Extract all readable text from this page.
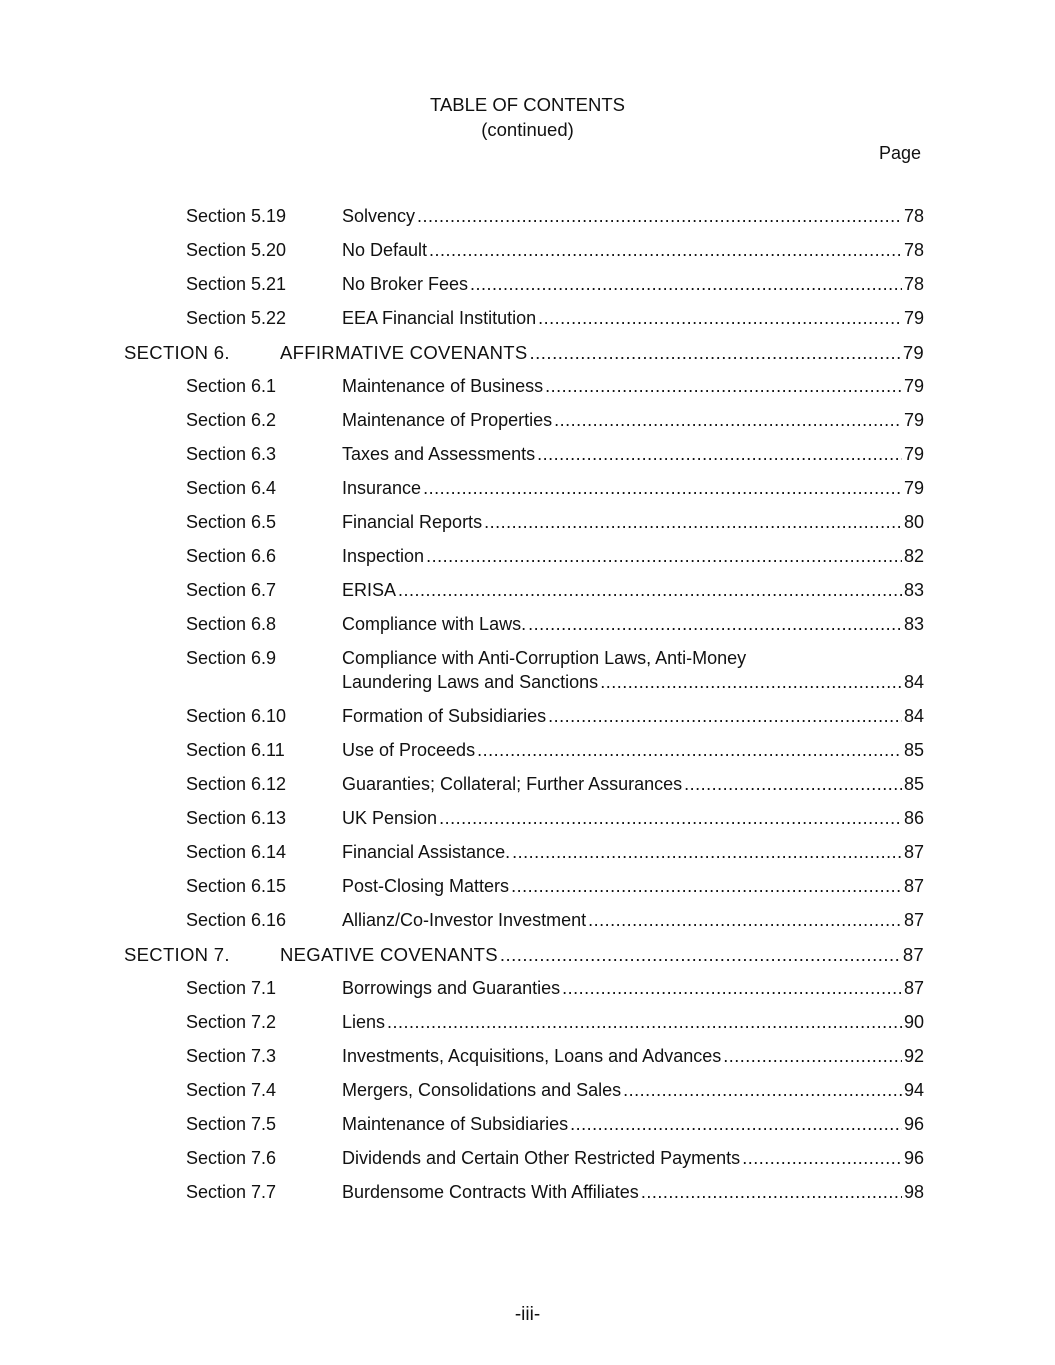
TABLE OF CONTENTS
(continued)
Page
Section 5.19	Solvency .....	78
Section 5.20	No Default .....	78
Section 5.21	No Broker Fees .....	78
Section 5.22	EEA Financial Institution .....	79
SECTION 6.	AFFIRMATIVE COVENANTS .....	79
Section 6.1	Maintenance of Business .....	79
Section 6.2	Maintenance of Properties .....	79
Section 6.3	Taxes and Assessments .....	79
Section 6.4	Insurance .....	79
Section 6.5	Financial Reports .....	80
Section 6.6	Inspection .....	82
Section 6.7	ERISA .....	83
Section 6.8	Compliance with Laws. .....	83
Section 6.9	Compliance with Anti-Corruption Laws, Anti-Money
Laundering Laws and Sanctions .....	84
Section 6.10	Formation of Subsidiaries .....	84
Section 6.11	Use of Proceeds .....	85
Section 6.12	Guaranties; Collateral; Further Assurances .....	85
Section 6.13	UK Pension .....	86
Section 6.14	Financial Assistance. .....	87
Section 6.15	Post-Closing Matters .....	87
Section 6.16	Allianz/Co-Investor Investment .....	87
SECTION 7.	NEGATIVE COVENANTS .....	87
Section 7.1	Borrowings and Guaranties .....	87
Section 7.2	Liens .....	90
Section 7.3	Investments, Acquisitions, Loans and Advances .....	92
Section 7.4	Mergers, Consolidations and Sales .....	94
Section 7.5	Maintenance of Subsidiaries .....	96
Section 7.6	Dividends and Certain Other Restricted Payments .....	96
Section 7.7	Burdensome Contracts With Affiliates .....	98
-iii-
